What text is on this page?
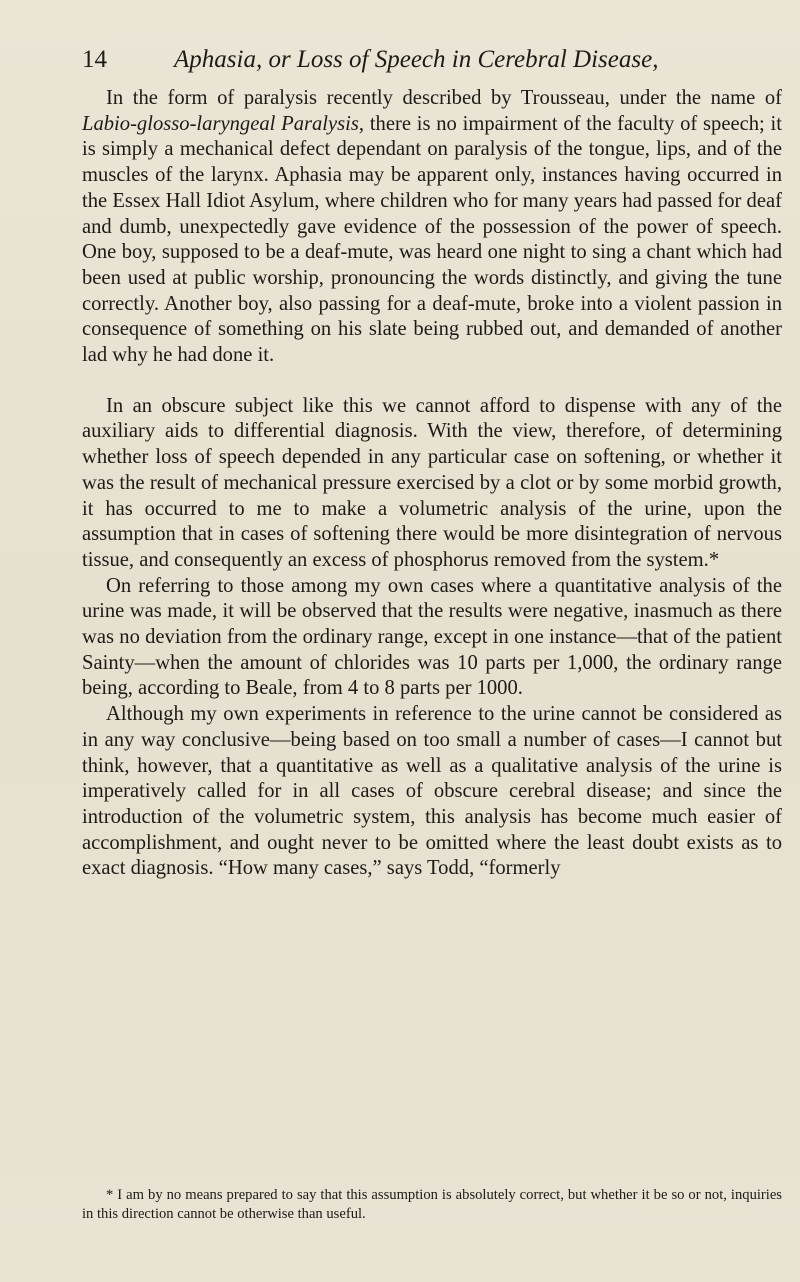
14	Aphasia, or Loss of Speech in Cerebral Disease,

In the form of paralysis recently described by Trousseau, under the name of Labio-glosso-laryngeal Paralysis, there is no impairment of the faculty of speech; it is simply a mechanical defect dependant on paralysis of the tongue, lips, and of the muscles of the larynx. Aphasia may be apparent only, instances having occurred in the Essex Hall Idiot Asylum, where children who for many years had passed for deaf and dumb, unexpectedly gave evidence of the possession of the power of speech. One boy, supposed to be a deaf-mute, was heard one night to sing a chant which had been used at public worship, pronouncing the words distinctly, and giving the tune correctly. Another boy, also passing for a deaf-mute, broke into a violent passion in consequence of something on his slate being rubbed out, and demanded of another lad why he had done it.

In an obscure subject like this we cannot afford to dispense with any of the auxiliary aids to differential diagnosis. With the view, therefore, of determining whether loss of speech depended in any particular case on softening, or whether it was the result of mechanical pressure exercised by a clot or by some morbid growth, it has occurred to me to make a volumetric analysis of the urine, upon the assumption that in cases of softening there would be more disintegration of nervous tissue, and consequently an excess of phosphorus removed from the system.*

On referring to those among my own cases where a quantitative analysis of the urine was made, it will be observed that the results were negative, inasmuch as there was no deviation from the ordinary range, except in one instance—that of the patient Sainty—when the amount of chlorides was 10 parts per 1,000, the ordinary range being, according to Beale, from 4 to 8 parts per 1000.

Although my own experiments in reference to the urine cannot be considered as in any way conclusive—being based on too small a number of cases—I cannot but think, however, that a quantitative as well as a qualitative analysis of the urine is imperatively called for in all cases of obscure cerebral disease; and since the introduction of the volumetric system, this analysis has become much easier of accomplishment, and ought never to be omitted where the least doubt exists as to exact diagnosis. “How many cases,” says Todd, “formerly

* I am by no means prepared to say that this assumption is absolutely correct, but whether it be so or not, inquiries in this direction cannot be otherwise than useful.
